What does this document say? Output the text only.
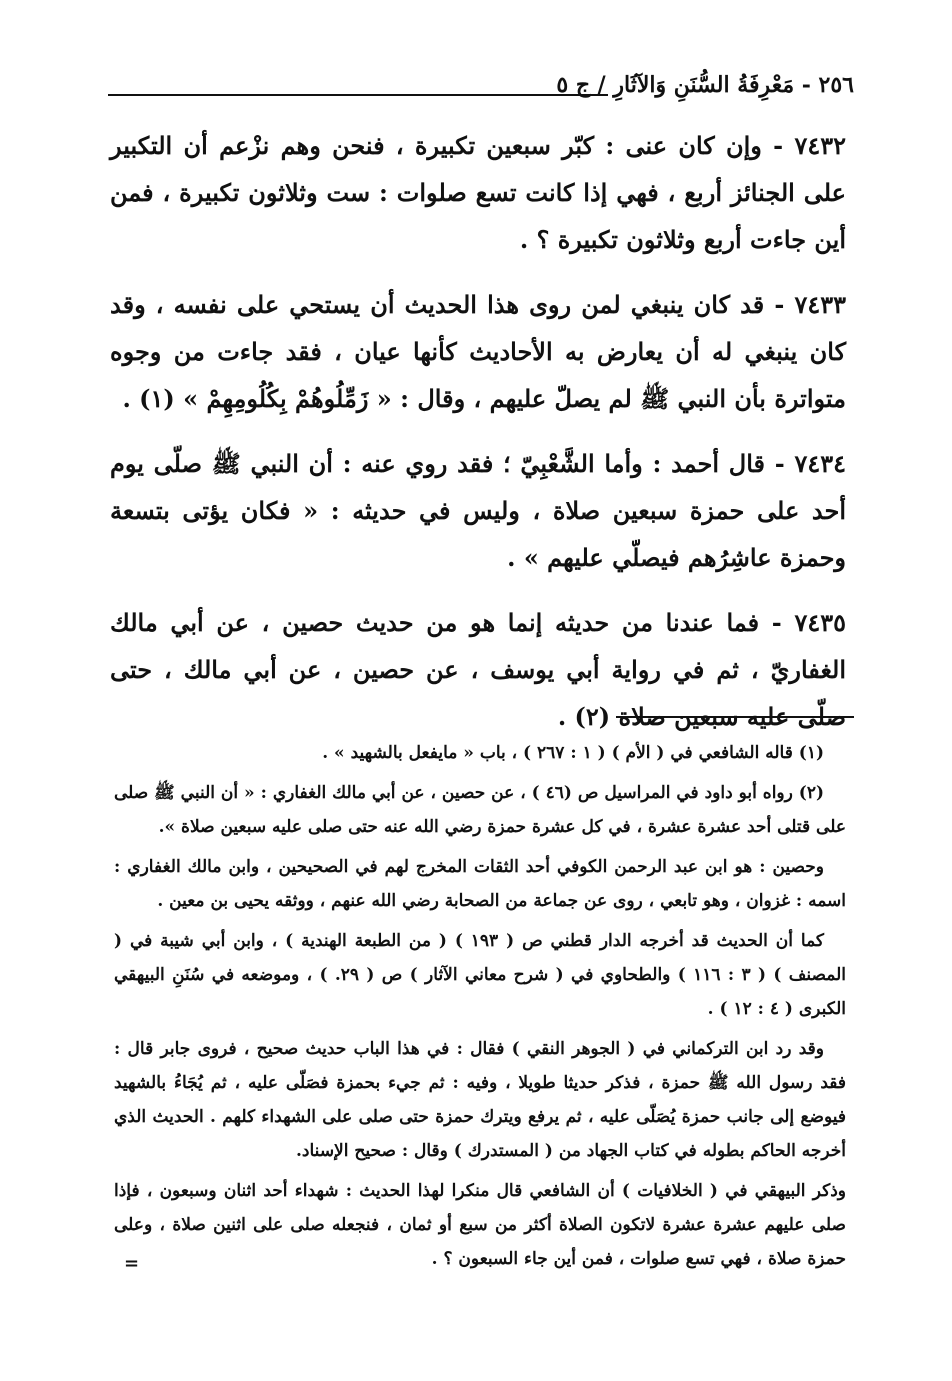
٢٥٦ - مَعْرِفَةُ السُّنَنِ وَالآثَارِ / ج ٥

٧٤٣٢ - وإن كان عنى : كبّر سبعين تكبيرة ، فنحن وهم نزْعم أن التكبير على الجنائز أربع ، فهي إذا كانت تسع صلوات : ست وثلاثون تكبيرة ، فمن أين جاءت أربع وثلاثون تكبيرة ؟ .

٧٤٣٣ - قد كان ينبغي لمن روى هذا الحديث أن يستحي على نفسه ، وقد كان ينبغي له أن يعارض به الأحاديث كأنها عيان ، فقد جاءت من وجوه متواترة بأن النبي ﷺ لم يصلّ عليهم ، وقال : « زَمِّلُوهُمْ بِكُلُومِهِمْ » (١) .

٧٤٣٤ - قال أحمد : وأما الشَّعْبِيّ ؛ فقد روي عنه : أن النبي ﷺ صلّى يوم أحد على حمزة سبعين صلاة ، وليس في حديثه : « فكان يؤتى بتسعة وحمزة عاشِرُهم فيصلّي عليهم » .

٧٤٣٥ - فما عندنا من حديثه إنما هو من حديث حصين ، عن أبي مالك الغفاريّ ، ثم في رواية أبي يوسف ، عن حصين ، عن أبي مالك ، حتى صلّى عليه سبعين صلاة (٢) .

(١) قاله الشافعي في ( الأم ) ( ١ : ٢٦٧ ) ، باب « مايفعل بالشهيد » .

(٢) رواه أبو داود في المراسيل ص (٤٦ ) ، عن حصين ، عن أبي مالك الغفاري : « أن النبي ﷺ صلى على قتلى أحد عشرة عشرة ، في كل عشرة حمزة رضي الله عنه حتى صلى عليه سبعين صلاة ».

وحصين : هو ابن عبد الرحمن الكوفي أحد الثقات المخرج لهم في الصحيحين ، وابن مالك الغفاري : اسمه : غزوان ، وهو تابعي ، روى عن جماعة من الصحابة رضي الله عنهم ، ووثقه يحيى بن معين .

كما أن الحديث قد أخرجه الدار قطني ص ( ١٩٣ ) ( من الطبعة الهندية ) ، وابن أبي شيبة في ( المصنف ) ( ٣ : ١١٦ ) والطحاوي في ( شرح معاني الآثار ) ص ( ٢٩. ) ، وموضعه في سُنَنِ البيهقي الكبرى ( ٤ : ١٢ ) .

وقد رد ابن التركماني في ( الجوهر النقي ) فقال : في هذا الباب حديث صحيح ، فروى جابر قال : فقد رسول الله ﷺ حمزة ، فذكر حديثا طويلا ، وفيه : ثم جيء بحمزة فصَلّى عليه ، ثم يُجَاءُ بالشهيد فيوضع إلى جانب حمزة يُصَلّى عليه ، ثم يرفع ويترك حمزة حتى صلى على الشهداء كلهم . الحديث الذي أخرجه الحاكم بطوله في كتاب الجهاد من ( المستدرك ) وقال : صحيح الإسناد.

وذكر البيهقي في ( الخلافيات ) أن الشافعي قال منكرا لهذا الحديث : شهداء أحد اثنان وسبعون ، فإذا صلى عليهم عشرة عشرة لاتكون الصلاة أكثر من سبع أو ثمان ، فنجعله صلى على اثنين صلاة ، وعلى حمزة صلاة ، فهي تسع صلوات ، فمن أين جاء السبعون ؟ .

=
